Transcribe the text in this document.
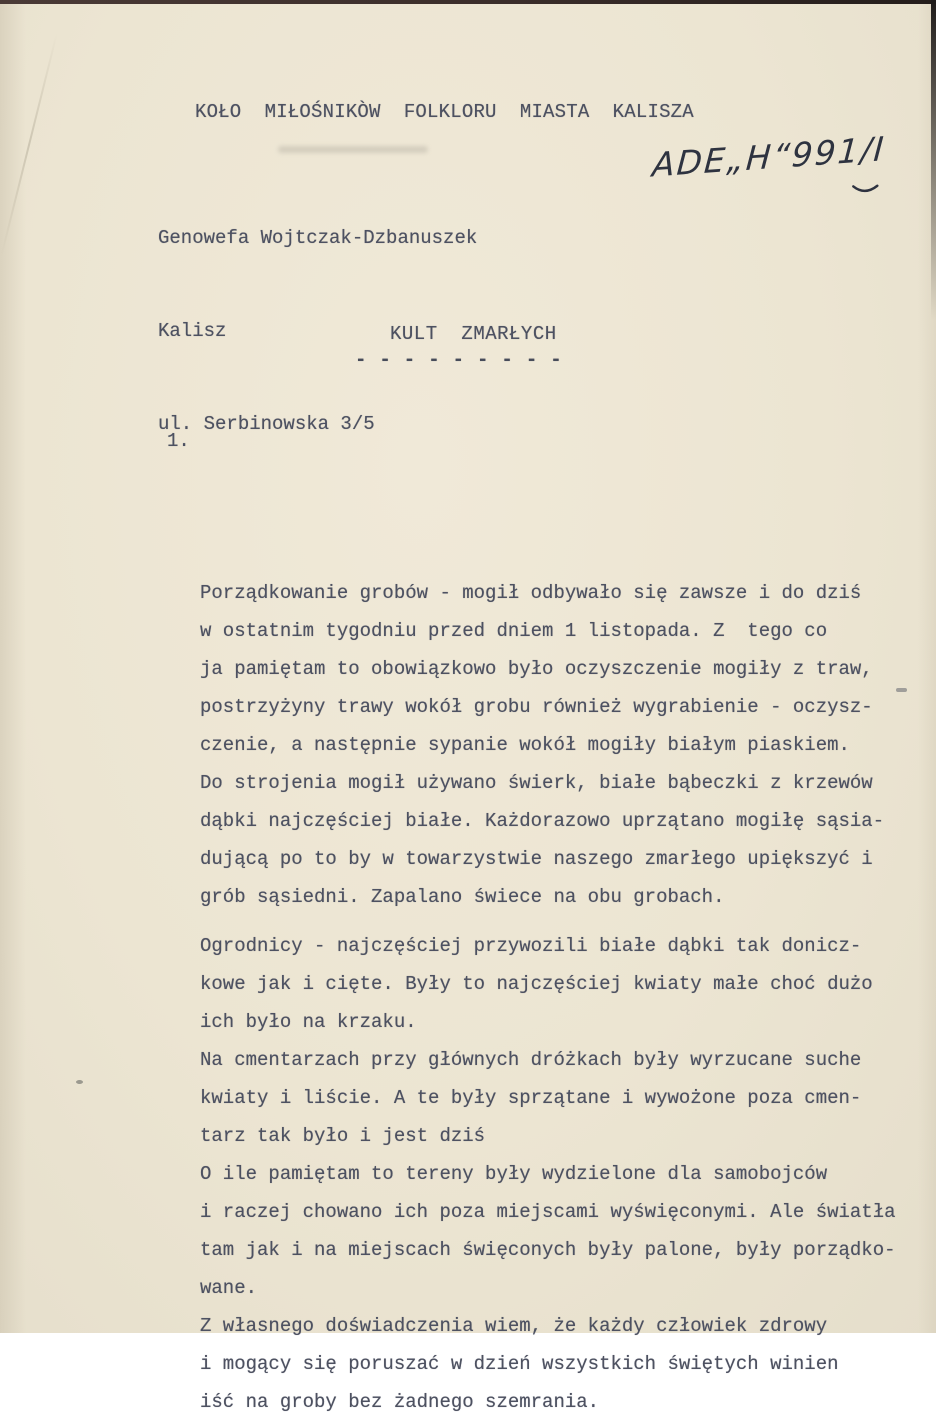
KOŁO  MIŁOŚNIKÒW  FOLKLORU  MIASTA  KALISZA

Genowefa Wojtczak-Dzbanuszek

Kalisz

ul. Serbinowska 3/5

ADE„H“991/I
KULT  ZMARŁYCH
- - - - - - - - -

1.

Porządkowanie grobów - mogił odbywało się zawsze i do dziś
w ostatnim tygodniu przed dniem 1 listopada. Z  tego co
ja pamiętam to obowiązkowo było oczyszczenie mogiły z traw,
postrzyżyny trawy wokół grobu również wygrabienie - oczysz-
czenie, a następnie sypanie wokół mogiły białym piaskiem.
Do strojenia mogił używano świerk, białe bąbeczki z krzewów
dąbki najczęściej białe. Każdorazowo uprzątano mogiłę sąsia-
dującą po to by w towarzystwie naszego zmarłego upiększyć i
grób sąsiedni. Zapalano świece na obu grobach.
Ogrodnicy - najczęściej przywozili białe dąbki tak donicz-
kowe jak i cięte. Były to najczęściej kwiaty małe choć dużo
ich było na krzaku.
Na cmentarzach przy głównych dróżkach były wyrzucane suche
kwiaty i liście. A te były sprzątane i wywożone poza cmen-
tarz tak było i jest dziś
O ile pamiętam to tereny były wydzielone dla samobojców
i raczej chowano ich poza miejscami wyświęconymi. Ale światła
tam jak i na miejscach święconych były palone, były porządko-
wane.
Z własnego doświadczenia wiem, że każdy człowiek zdrowy
i mogący się poruszać w dzień wszystkich świętych winien
iść na groby bez żadnego szemrania.
